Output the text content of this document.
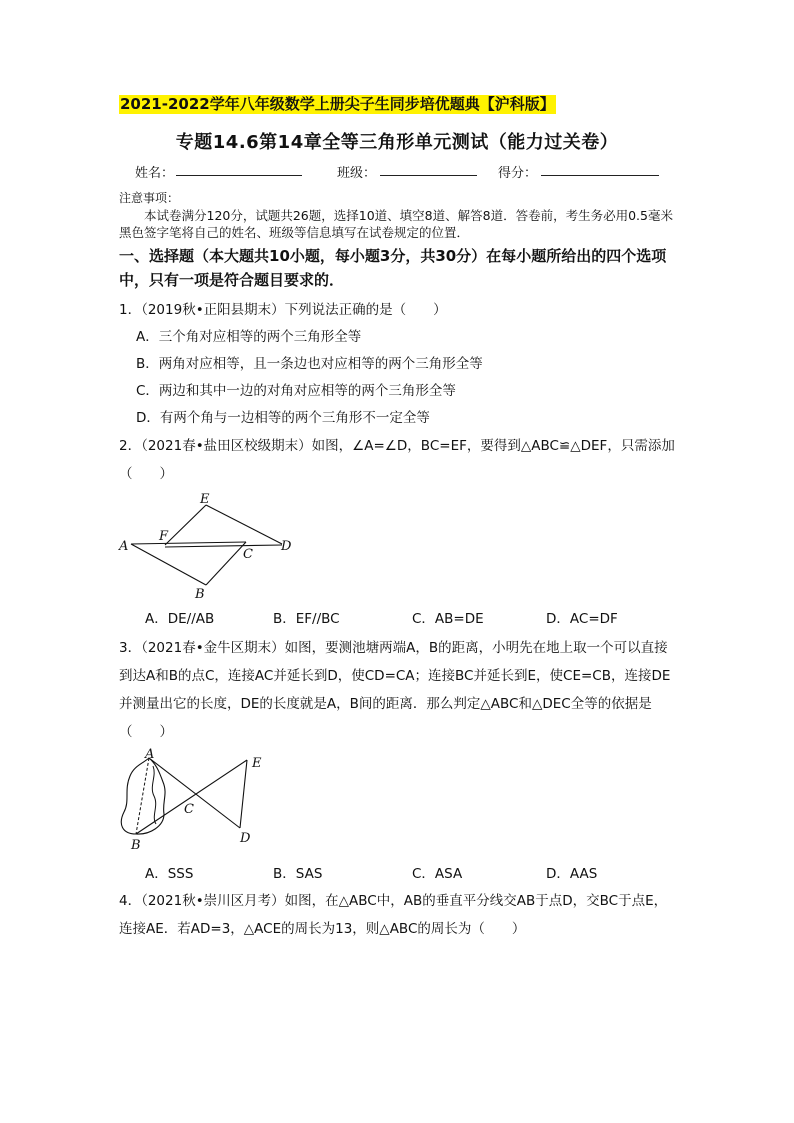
2021-2022学年八年级数学上册尖子生同步培优题典【沪科版】
专题14.6第14章全等三角形单元测试（能力过关卷）
姓名：	班级：	得分：
注意事项：
本试卷满分120分，试题共26题，选择10道、填空8道、解答8道．答卷前，考生务必用0.5毫米黑色签字笔将自己的姓名、班级等信息填写在试卷规定的位置．
一、选择题（本大题共10小题，每小题3分，共30分）在每小题所给出的四个选项中，只有一项是符合题目要求的．
1．（2019秋•正阳县期末）下列说法正确的是（　　）
A．三个角对应相等的两个三角形全等
B．两角对应相等，且一条边也对应相等的两个三角形全等
C．两边和其中一边的对角对应相等的两个三角形全等
D．有两个角与一边相等的两个三角形不一定全等
2．（2021春•盐田区校级期末）如图，∠A=∠D，BC=EF，要得到△ABC≌△DEF，只需添加（　　）
E
F
A
C
D
B
A．DE//AB	B．EF//BC	C．AB=DE	D．AC=DF
3．（2021春•金牛区期末）如图，要测池塘两端A，B的距离，小明先在地上取一个可以直接到达A和B的点C，连接AC并延长到D，使CD=CA；连接BC并延长到E，使CE=CB，连接DE并测量出它的长度，DE的长度就是A，B间的距离．那么判定△ABC和△DEC全等的依据是（　　）
A
E
C
B	D
A．SSS	B．SAS	C．ASA	D．AAS
4．（2021秋•崇川区月考）如图，在△ABC中，AB的垂直平分线交AB于点D，交BC于点E，连接AE．若AD=3，△ACE的周长为13，则△ABC的周长为（　　）
